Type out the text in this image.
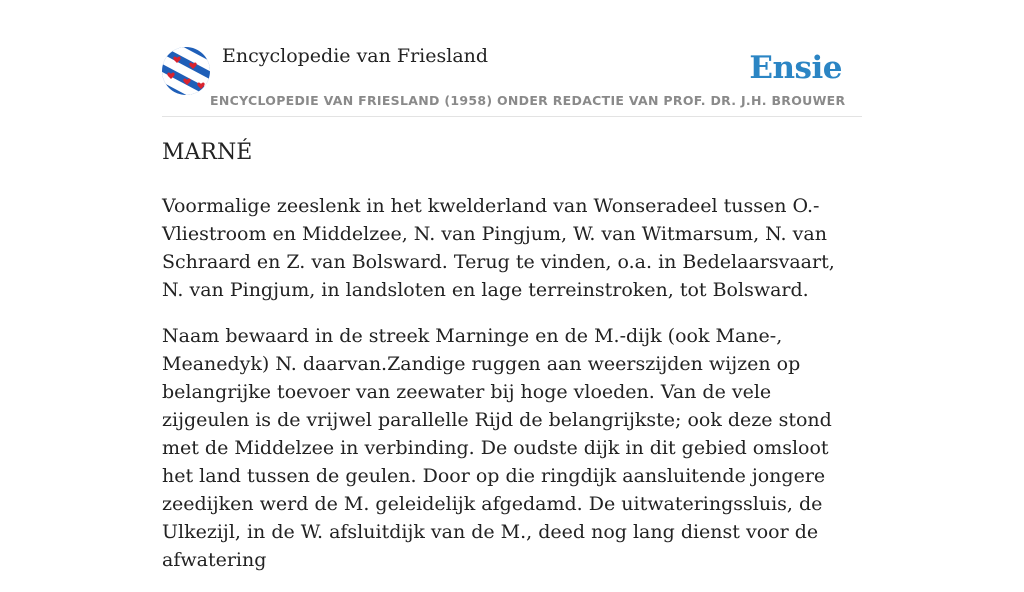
Encyclopedie van Friesland	Ensie
ENCYCLOPEDIE VAN FRIESLAND (1958) ONDER REDACTIE VAN PROF. DR. J.H. BROUWER
MARNÉ

Voormalige zeeslenk in het kwelderland van Wonseradeel tussen O.-Vliestroom en Middelzee, N. van Pingjum, W. van Witmarsum, N. van Schraard en Z. van Bolsward. Terug te vinden, o.a. in Bedelaarsvaart, N. van Pingjum, in landsloten en lage terreinstroken, tot Bolsward.

Naam bewaard in de streek Marninge en de M.-dijk (ook Mane-, Meanedyk) N. daarvan.Zandige ruggen aan weerszijden wijzen op belangrijke toevoer van zeewater bij hoge vloeden. Van de vele zijgeulen is de vrijwel parallelle Rijd de belangrijkste; ook deze stond met de Middelzee in verbinding. De oudste dijk in dit gebied omsloot het land tussen de geulen. Door op die ringdijk aansluitende jongere zeedijken werd de M. geleidelijk afgedamd. De uitwateringssluis, de Ulkezijl, in de W. afsluitdijk van de M., deed nog lang dienst voor de afwatering
